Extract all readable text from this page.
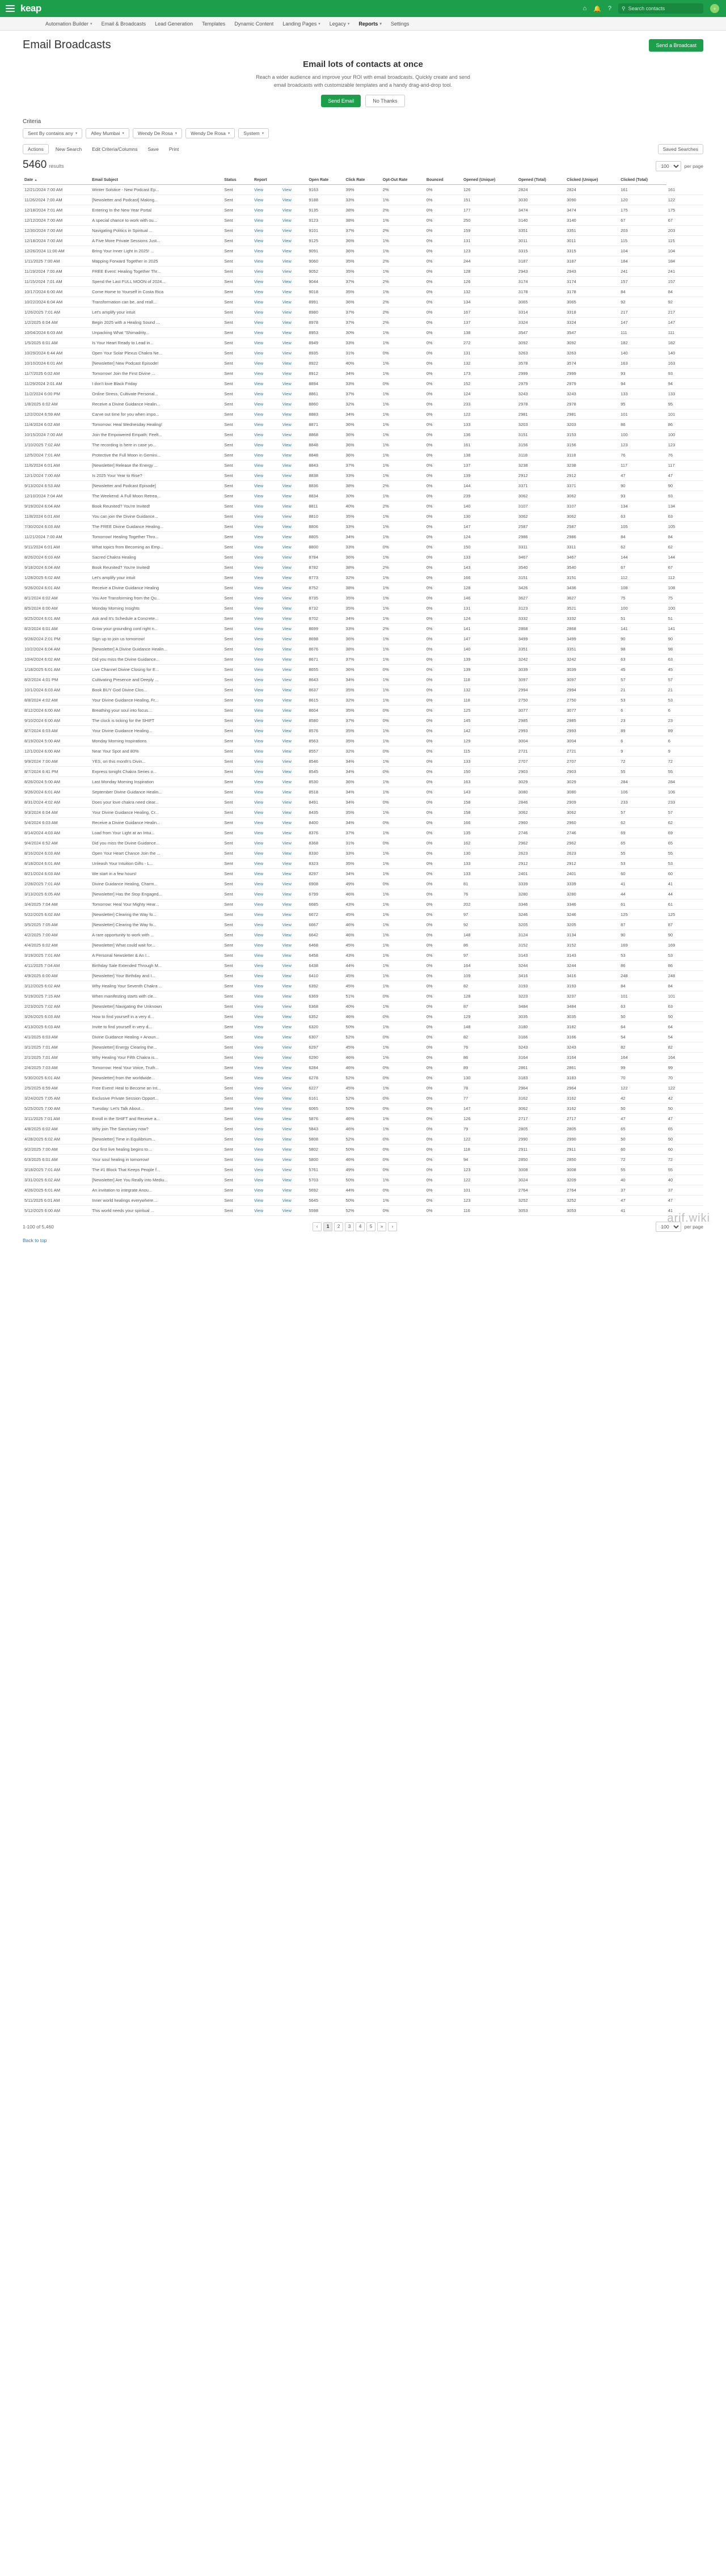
keap	⌂ 🔔 ? ⚲ Search contacts	+
Automation Builder ▾ Email & Broadcasts Lead Generation Templates Dynamic Content Landing Pages ▾ Legacy ▾ Reports ▾ Settings
Email Broadcasts	Send a Broadcast
Email lots of contacts at once

Reach a wider audience and improve your ROI with email broadcasts. Quickly create and send email broadcasts with customizable templates and a handy drag-and-drop tool.

Send Email	No Thanks
Criteria
Sent By contains any ▾	Alley Mumbai ▾	Wendy De Rosa ▾	Wendy De Rosa ▾	System ▾
Actions	New Search	Edit Criteria/Columns	Save	Print	Saved Searches
5460 results
100	per page
Date ▲	Email Subject	Status	Report		Open Rate	Click Rate	Opt-Out Rate	Bounced	Opened (Unique)	Opened (Total)	Clicked (Unique)	Clicked (Total)	
12/21/2024 7:00 AM	Winter Solstice - New Podcast Ep...	Sent	View	View	9163	39%	2%	0%	126	2824	2824	161	161
11/26/2024 7:00 AM	[Newsletter and Podcast] Making...	Sent	View	View	9188	33%	1%	0%	151	3030	3090	120	122
12/18/2024 7:01 AM	Entering In the New Year Portal	Sent	View	View	9135	38%	2%	0%	177	3474	3474	175	175
12/12/2024 7:00 AM	A special chance to work with ou...	Sent	View	View	9123	38%	1%	0%	250	3140	3140	67	67
12/30/2024 7:00 AM	Navigating Politics in Spiritual ...	Sent	View	View	9101	37%	2%	0%	159	3351	3351	203	203
12/18/2024 7:00 AM	A Five More Private Sessions Just...	Sent	View	View	9125	36%	1%	0%	131	3011	3011	115	115
12/26/2024 11:00 AM	Bring Your Inner Light in 2025! ...	Sent	View	View	9091	36%	1%	0%	123	3315	3315	104	104
1/11/2025 7:00 AM	Mapping Forward Together in 2025	Sent	View	View	9060	35%	2%	0%	244	3187	3187	184	184
11/19/2024 7:00 AM	FREE Event: Healing Together Thr...	Sent	View	View	9052	35%	1%	0%	128	2943	2943	241	241
11/15/2024 7:01 AM	Spend the Last FULL MOON of 2024...	Sent	View	View	9044	37%	2%	0%	126	3174	3174	157	157
10/17/2024 6:00 AM	Come Home to Yourself in Costa Rica	Sent	View	View	9018	35%	1%	0%	132	3178	3178	84	84
10/22/2024 6:04 AM	Transformation can be, and reall...	Sent	View	View	8991	36%	2%	0%	134	3065	3065	92	92
1/26/2025 7:01 AM	Let's amplify your intuit	Sent	View	View	8980	37%	2%	0%	167	3314	3318	217	217
1/2/2025 6:04 AM	Begin 2025 with a Healing Sound ...	Sent	View	View	8978	37%	2%	0%	137	3324	3324	147	147
10/04/2024 6:03 AM	Unpacking What "Shimadrity...	Sent	View	View	8953	30%	1%	0%	138	3547	3547	111	111
1/5/2025 6:01 AM	Is Your Heart Ready to Lead in...	Sent	View	View	8949	33%	1%	0%	272	3092	3092	182	182
10/29/2024 6:44 AM	Open Your Solar Plexus Chakra Ne...	Sent	View	View	8935	31%	0%	0%	131	3263	3263	140	140
10/10/2024 6:01 AM	[Newsletter] New Podcast Episode!	Sent	View	View	8922	40%	1%	0%	132	3578	3574	163	163
11/7/2025 6:02 AM	Tomorrow! Join the First Divine ...	Sent	View	View	8912	34%	1%	0%	173	2999	2999	93	93
11/29/2024 2:01 AM	I don't love Black Friday	Sent	View	View	8894	33%	0%	0%	152	2979	2979	94	94
11/2/2024 6:00 PM	Online Stress, Cultivate Personal...	Sent	View	View	8861	37%	1%	0%	124	3243	3243	133	133
1/8/2025 6:02 AM	Receive a Divine Guidance Healin...	Sent	View	View	8860	32%	1%	0%	233	2978	2978	95	95
12/2/2024 6:59 AM	Carve out time for you when impo...	Sent	View	View	8883	34%	1%	0%	122	2981	2981	101	101
11/4/2024 6:02 AM	Tomorrow: Heal Wednesday Healing!	Sent	View	View	8871	36%	1%	0%	133	3203	3203	86	86
10/15/2024 7:00 AM	Join the Empowered Empath: Feelt...	Sent	View	View	8868	36%	1%	0%	136	3151	3153	100	100
1/10/2025 7:02 AM	The recording is here in case yo...	Sent	View	View	8848	36%	1%	0%	161	3156	3156	123	123
12/5/2024 7:01 AM	Protective the Full Moon in Gemini...	Sent	View	View	8848	36%	1%	0%	138	3118	3118	76	76
11/6/2024 6:01 AM	[Newsletter] Release the Energy ...	Sent	View	View	8843	37%	1%	0%	137	3238	3238	117	117
12/1/2024 7:00 AM	Is 2025 Your Year to Rise?	Sent	View	View	8838	33%	1%	0%	139	2912	2912	47	47
9/13/2024 6:53 AM	[Newsletter and Podcast Episode]	Sent	View	View	8836	38%	2%	0%	144	3371	3371	90	90
12/10/2024 7:04 AM	The Weekend: A Full Moon Retrea...	Sent	View	View	8834	30%	1%	0%	239	3062	3062	93	93
9/19/2024 6:04 AM	Book Reunited? You're Invited!	Sent	View	View	8811	40%	2%	0%	140	3107	3107	134	134
11/8/2024 6:01 AM	You can join the Divine Guidance...	Sent	View	View	8810	35%	1%	0%	130	3062	3062	63	63
7/30/2024 6:03 AM	The FREE Divine Guidance Healing...	Sent	View	View	8806	33%	1%	0%	147	2587	2587	105	105
11/21/2024 7:00 AM	Tomorrow! Healing Together Thro...	Sent	View	View	8805	34%	1%	0%	124	2986	2986	84	84
9/11/2024 6:01 AM	What topics from Becoming an Emp...	Sent	View	View	8800	33%	0%	0%	150	3311	3311	62	62
8/26/2024 6:03 AM	Sacred Chakra Healing	Sent	View	View	8784	36%	1%	0%	133	3467	3467	144	144
9/18/2024 6:04 AM	Book Reunited? You're Invited!	Sent	View	View	8782	38%	2%	0%	143	3540	3540	67	67
1/28/2025 6:02 AM	Let's amplify your intuit	Sent	View	View	8773	32%	1%	0%	166	3151	3151	112	112
9/26/2024 6:01 AM	Receive a Divine Guidance Healing	Sent	View	View	8752	38%	1%	0%	128	3426	3436	108	108
8/1/2024 6:02 AM	You Are Transforming from the Qu...	Sent	View	View	8735	35%	1%	0%	146	3627	3627	75	75
8/5/2024 6:00 AM	Monday Morning Insights	Sent	View	View	8732	35%	1%	0%	131	3123	3521	100	100
9/25/2024 6:01 AM	Ask and It's Schedule a Concrete...	Sent	View	View	8702	34%	1%	0%	124	3332	3332	51	51
8/2/2024 6:01 AM	Grow your grounding cord right n...	Sent	View	View	8699	33%	2%	0%	141	2868	2868	141	141
9/28/2024 2:01 PM	Sign up to join us tomorrow!	Sent	View	View	8698	36%	1%	0%	147	3499	3499	90	90
10/2/2024 6:04 AM	[Newsletter] A Divine Guidance Healin...	Sent	View	View	8676	38%	1%	0%	140	3351	3351	98	98
10/4/2024 6:02 AM	Did you miss the Divine Guidance...	Sent	View	View	8671	37%	1%	0%	139	3242	3242	63	63
1/18/2025 6:01 AM	Live Channel Divine Closing for E...	Sent	View	View	8655	36%	0%	0%	139	3039	3039	45	45
8/2/2024 4:01 PM	Cultivating Presence and Deeply ...	Sent	View	View	8643	34%	1%	0%	118	3097	3097	57	57
10/1/2024 6:03 AM	Book BUY God Divine Clos...	Sent	View	View	8637	35%	1%	0%	132	2994	2994	21	21
8/8/2024 4:02 AM	Your Divine Guidance Healing, Fr...	Sent	View	View	8615	32%	1%	0%	118	2750	2750	53	53
8/12/2024 6:00 AM	Breathing your soul into focus...	Sent	View	View	8604	35%	0%	0%	125	3077	3077	6	6
9/10/2024 6:00 AM	The clock is ticking for the SHIFT	Sent	View	View	8580	37%	0%	0%	145	2985	2985	23	23
8/7/2024 6:03 AM	Your Divine Guidance Healing...	Sent	View	View	8576	35%	1%	0%	142	2993	2993	89	89
8/19/2024 5:00 AM	Monday Morning Inspirations	Sent	View	View	8563	35%	1%	0%	129	3004	3004	6	6
12/1/2024 6:00 AM	Near Your Spot and 80%	Sent	View	View	8557	32%	0%	0%	115	2721	2721	9	9
9/9/2024 7:00 AM	YES, on this month's Divin...	Sent	View	View	8546	34%	1%	0%	133	2707	2707	72	72
8/7/2024 6:41 PM	Express tonight Chakra Series o...	Sent	View	View	8545	34%	0%	0%	150	2903	2903	55	55
8/26/2024 5:00 AM	Last Monday Morning Inspiration	Sent	View	View	8530	36%	1%	0%	163	3029	3029	284	284
9/26/2024 6:01 AM	September Divine Guidance Healin...	Sent	View	View	8518	34%	1%	0%	143	3080	3080	106	106
8/31/2024 4:02 AM	Does your love chakra need clear...	Sent	View	View	8491	34%	0%	0%	158	2846	2909	233	233
9/3/2024 6:04 AM	Your Divine Guidance Healing, Cr...	Sent	View	View	8435	35%	1%	0%	158	3062	3062	57	57
5/4/2024 6:03 AM	Receive a Divine Guidance Healin...	Sent	View	View	8400	34%	0%	0%	166	2960	2960	62	62
8/14/2024 4:03 AM	Load from Your Light at an Intui...	Sent	View	View	8376	37%	1%	0%	135	2746	2746	69	69
9/4/2024 6:52 AM	Did you miss the Divine Guidance...	Sent	View	View	8368	31%	0%	0%	162	2962	2962	65	65
8/16/2024 6:03 AM	Open Your Heart Chance Join the ...	Sent	View	View	8330	33%	1%	0%	130	2623	2623	55	55
8/18/2024 6:01 AM	Unleash Your Intuition Gifts - L...	Sent	View	View	8323	35%	1%	0%	133	2912	2912	53	53
8/21/2024 6:03 AM	We start in a few hours!	Sent	View	View	8297	34%	1%	0%	133	2401	2401	60	60
2/28/2025 7:01 AM	Divine Guidance Healing, Charm...	Sent	View	View	6908	49%	0%	0%	81	3339	3339	41	41
3/13/2025 6:05 AM	[Newsletter] Has the Stop Engaged...	Sent	View	View	6799	46%	1%	0%	76	3280	3280	44	44
3/4/2025 7:04 AM	Tomorrow: Heal Your Mighty Hear...	Sent	View	View	6685	43%	1%	0%	202	3346	3346	61	61
5/22/2025 6:02 AM	[Newsletter] Clearing the Way fo...	Sent	View	View	6672	45%	1%	0%	97	3246	3246	125	125
3/5/2025 7:05 AM	[Newsletter] Clearing the Way fo...	Sent	View	View	6667	46%	1%	0%	92	3205	3205	87	87
4/2/2025 7:00 AM	A rare opportunity to work with ...	Sent	View	View	6642	46%	1%	0%	148	3124	3134	90	90
4/4/2025 6:02 AM	[Newsletter] What could wait for...	Sent	View	View	6468	45%	1%	0%	86	3152	3152	169	169
3/19/2025 7:01 AM	A Personal Newsletter & An I...	Sent	View	View	6458	43%	1%	0%	97	3143	3143	53	53
4/11/2025 7:04 AM	Birthday Sale Extended Through M...	Sent	View	View	6438	44%	1%	0%	164	3244	3244	86	86
4/9/2025 6:00 AM	[Newsletter] Your Birthday and I...	Sent	View	View	6410	45%	1%	0%	109	3416	3416	248	248
3/12/2025 6:02 AM	Why Healing Your Seventh Chakra ...	Sent	View	View	6392	45%	1%	0%	82	3193	3193	84	84
5/19/2025 7:15 AM	When manifesting starts with cle...	Sent	View	View	6369	51%	0%	0%	128	3223	3237	101	101
2/23/2025 7:02 AM	[Newsletter] Navigating the Unknown	Sent	View	View	6368	40%	1%	0%	87	3484	3484	63	63
3/26/2025 6:03 AM	How to find yourself in a very d...	Sent	View	View	6352	46%	0%	0%	129	3035	3035	50	50
4/13/2025 6:03 AM	Invite to find yourself in very d...	Sent	View	View	6320	50%	1%	0%	148	3180	3182	64	64
4/1/2025 6:03 AM	Divine Guidance Healing + Anoun...	Sent	View	View	6307	52%	0%	0%	82	3166	3166	54	54
3/1/2025 7:01 AM	[Newsletter] Energy Clearing the...	Sent	View	View	6297	45%	1%	0%	76	3243	3243	82	82
2/1/2025 7:01 AM	Why Healing Your Fifth Chakra is...	Sent	View	View	6290	46%	1%	0%	86	3164	3164	164	164
2/4/2025 7:03 AM	Tomorrow: Heal Your Voice, Truth...	Sent	View	View	6284	46%	0%	0%	89	2861	2861	99	99
5/30/2025 6:01 AM	[Newsletter] from the worldwide...	Sent	View	View	6278	52%	0%	0%	130	3183	3183	70	70
2/5/2025 6:59 AM	Free Event! Heal to Become an Int...	Sent	View	View	6227	45%	1%	0%	78	2964	2964	122	122
3/24/2025 7:05 AM	Exclusive Private Session Opport...	Sent	View	View	6161	52%	0%	0%	77	3162	3162	42	42
5/25/2025 7:00 AM	Tuesday: Let's Talk About...	Sent	View	View	6065	50%	0%	0%	147	3062	3162	50	50
3/11/2025 7:01 AM	Enroll in the SHIFT and Receive a...	Sent	View	View	5876	46%	1%	0%	126	2717	2717	47	47
4/8/2025 6:02 AM	Why join The Sanctuary now?	Sent	View	View	5843	46%	1%	0%	79	2805	2805	65	65
4/28/2025 6:02 AM	[Newsletter] Time in Equilibrium...	Sent	View	View	5808	52%	0%	0%	122	2990	2990	50	50
9/2/2025 7:00 AM	Our first live healing begins to...	Sent	View	View	5802	50%	0%	0%	118	2911	2911	60	60
6/3/2025 6:01 AM	Your soul healing in tomorrow!	Sent	View	View	5800	46%	0%	0%	94	2850	2850	72	72
3/18/2025 7:01 AM	The #1 Block That Keeps People f...	Sent	View	View	5761	49%	0%	0%	123	3008	3008	55	55
3/31/2025 6:02 AM	[Newsletter] Are You Really into Mediu...	Sent	View	View	5703	50%	1%	0%	122	3024	3209	40	40
4/26/2025 6:01 AM	An invitation to integrate Anou...	Sent	View	View	5692	44%	0%	0%	101	2764	2764	37	37
5/11/2025 6:01 AM	Inner world healings everywhere…	Sent	View	View	5645	50%	1%	0%	123	3252	3252	47	47
5/12/2025 6:00 AM	This world needs your spiritual ...	Sent	View	View	5598	52%	0%	0%	116	3053	3053	41	41
1-100 of 5,460	‹	1	2	3	4	5	»	›
100	per page
Back to top
arif.wiki
